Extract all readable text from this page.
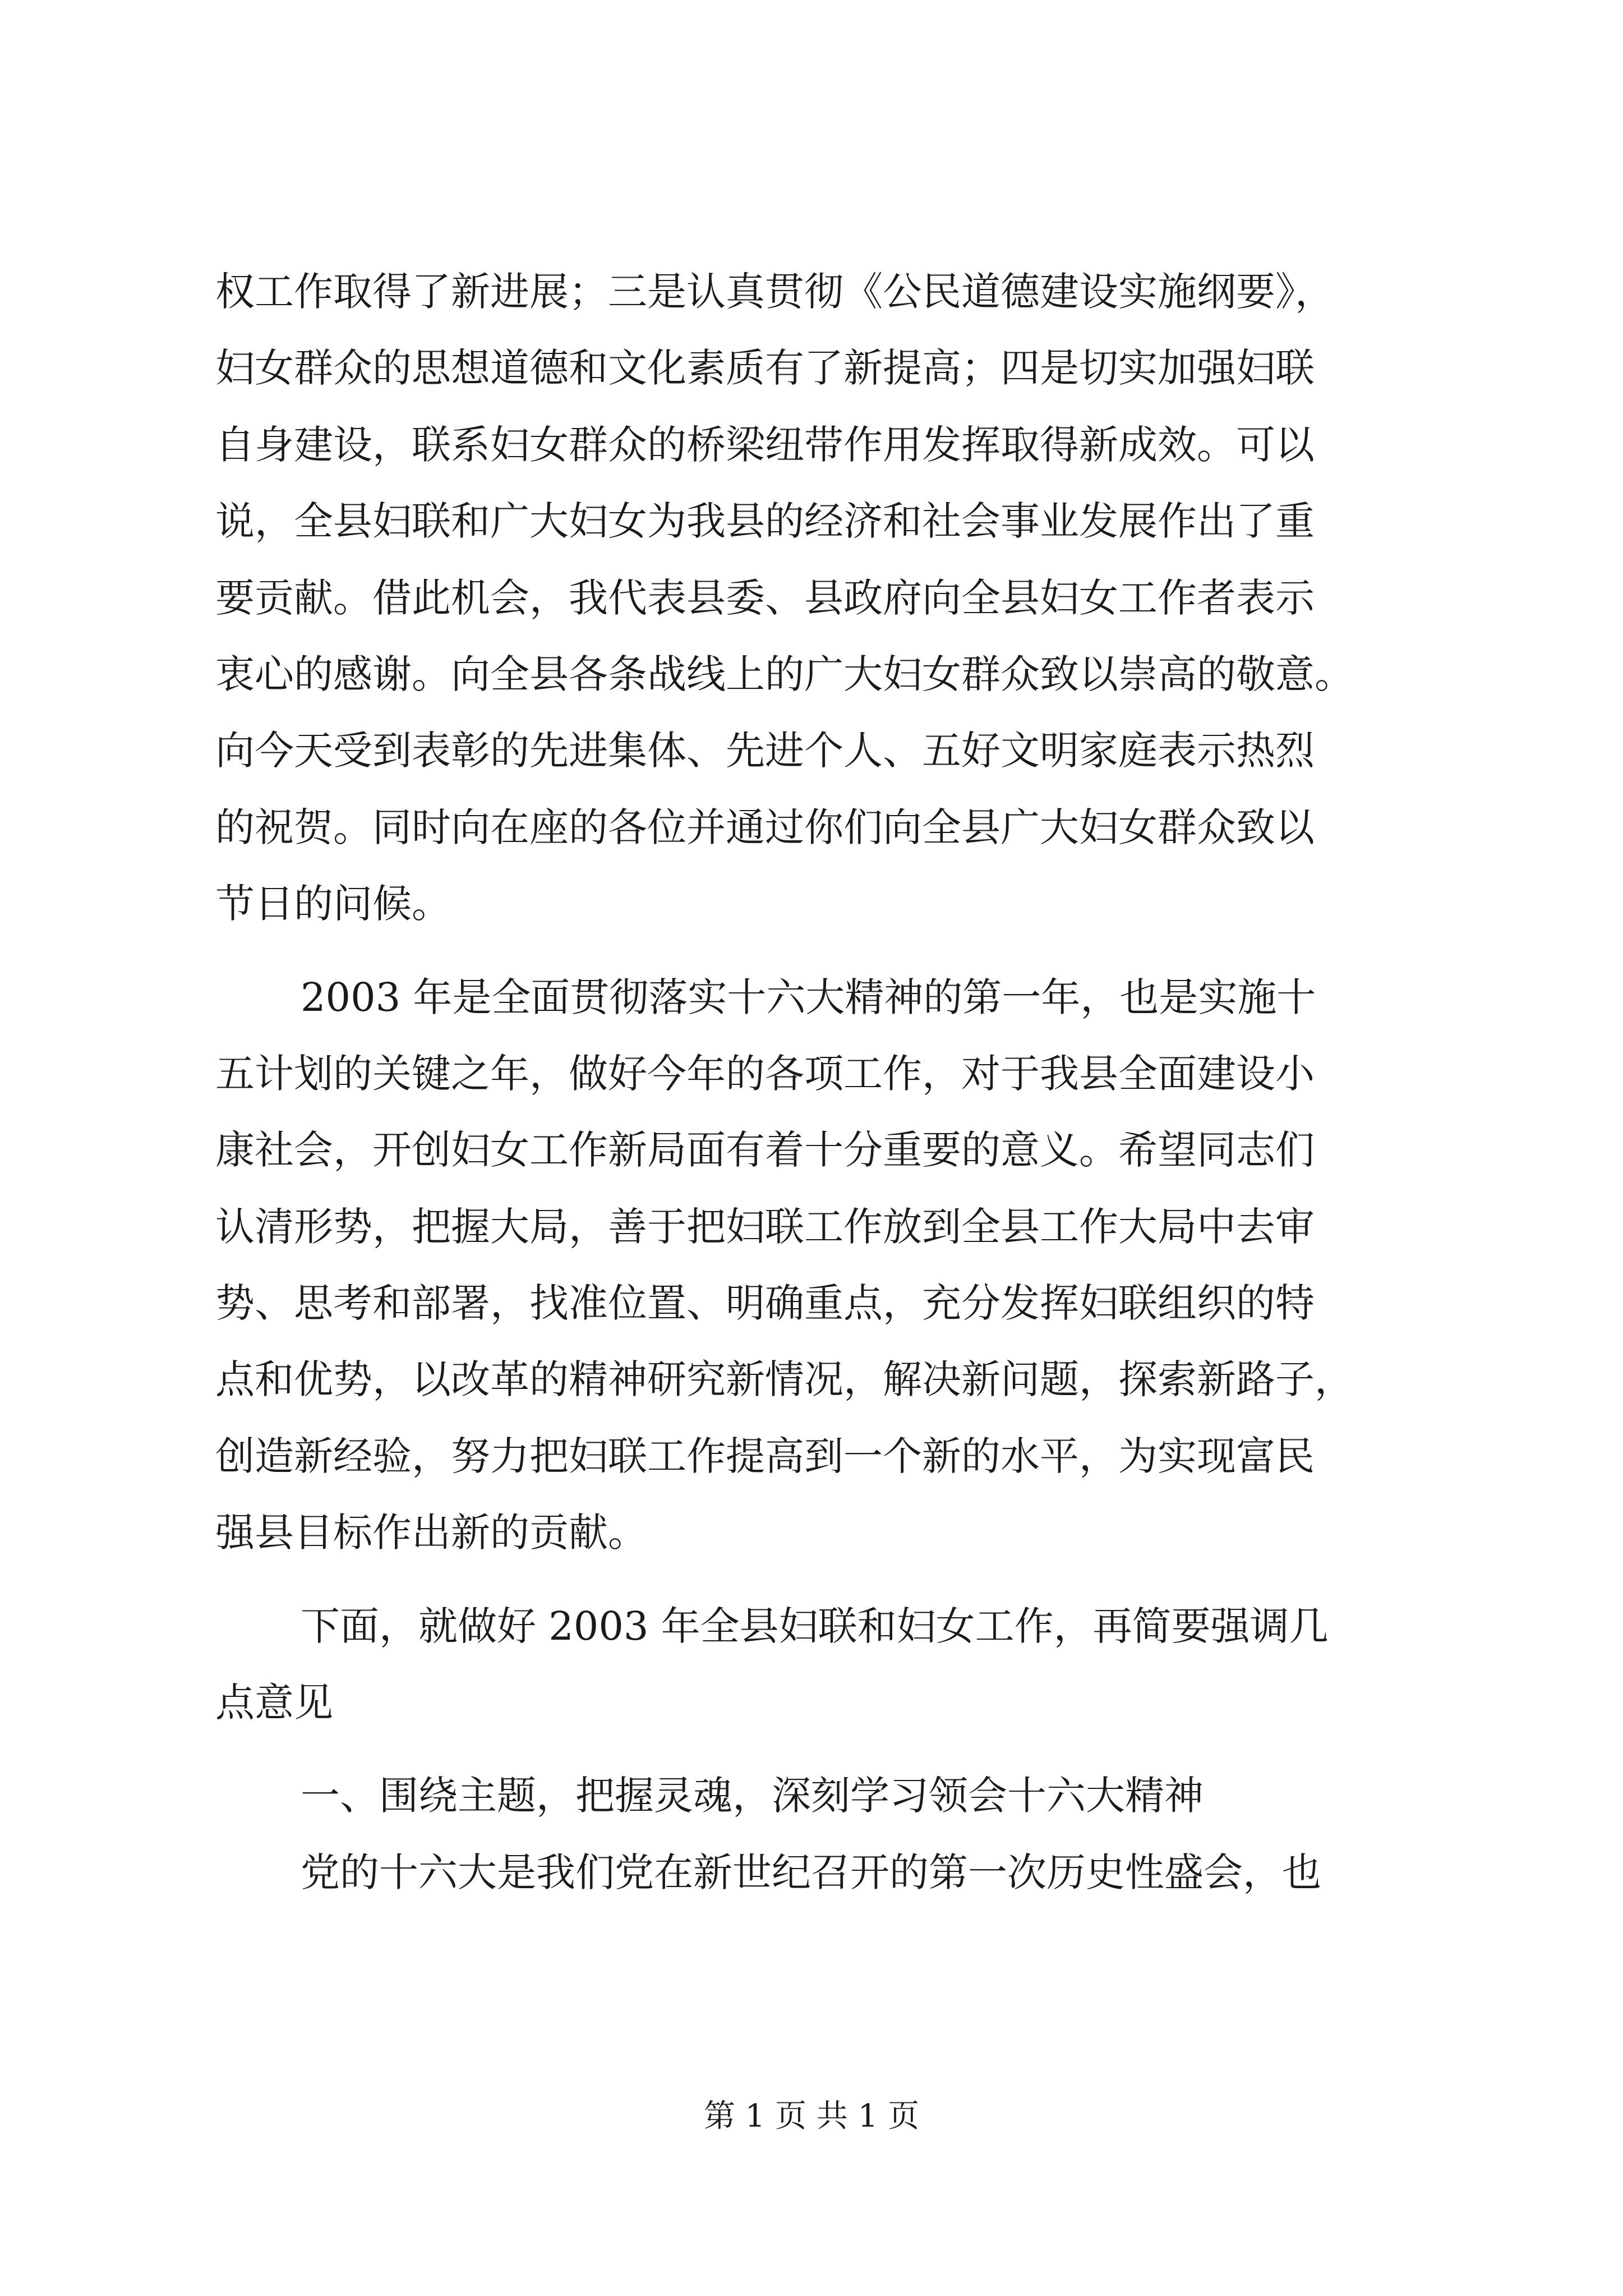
权工作取得了新进展；三是认真贯彻《公民道德建设实施纲要》，
妇女群众的思想道德和文化素质有了新提高；四是切实加强妇联
自身建设，联系妇女群众的桥梁纽带作用发挥取得新成效。可以
说，全县妇联和广大妇女为我县的经济和社会事业发展作出了重
要贡献。借此机会，我代表县委、县政府向全县妇女工作者表示
衷心的感谢。向全县各条战线上的广大妇女群众致以崇高的敬意。
向今天受到表彰的先进集体、先进个人、五好文明家庭表示热烈
的祝贺。同时向在座的各位并通过你们向全县广大妇女群众致以
节日的问候。
2003 年是全面贯彻落实十六大精神的第一年，也是实施十
五计划的关键之年，做好今年的各项工作，对于我县全面建设小
康社会，开创妇女工作新局面有着十分重要的意义。希望同志们
认清形势，把握大局，善于把妇联工作放到全县工作大局中去审
势、思考和部署，找准位置、明确重点，充分发挥妇联组织的特
点和优势，以改革的精神研究新情况，解决新问题，探索新路子，
创造新经验，努力把妇联工作提高到一个新的水平，为实现富民
强县目标作出新的贡献。
下面，就做好 2003 年全县妇联和妇女工作，再简要强调几
点意见
一、围绕主题，把握灵魂，深刻学习领会十六大精神
党的十六大是我们党在新世纪召开的第一次历史性盛会，也
第 1 页 共 1 页
